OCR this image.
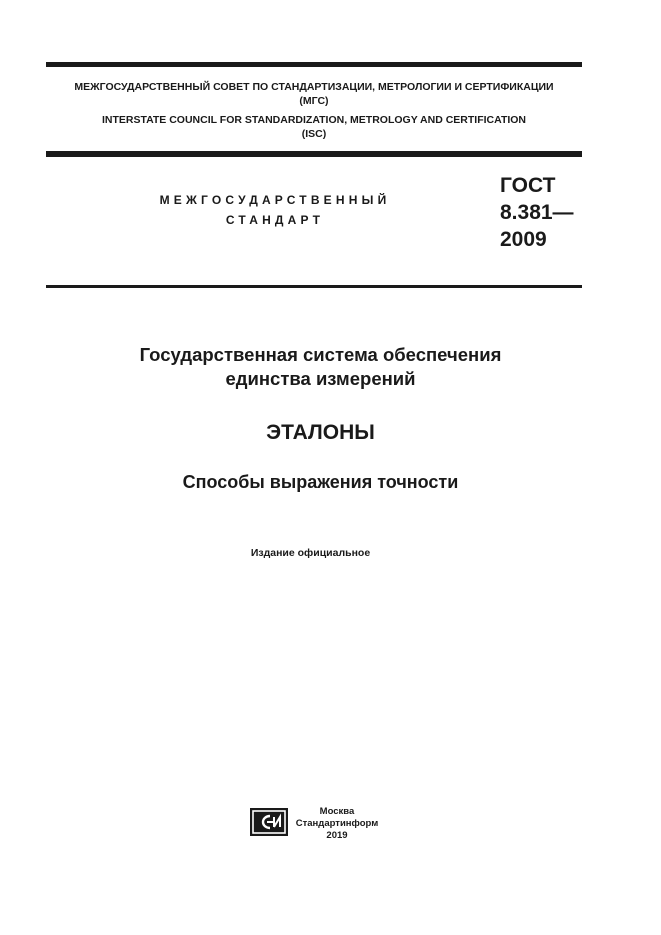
МЕЖГОСУДАРСТВЕННЫЙ СОВЕТ ПО СТАНДАРТИЗАЦИИ, МЕТРОЛОГИИ И СЕРТИФИКАЦИИ
(МГС)
INTERSTATE COUNCIL FOR STANDARDIZATION, METROLOGY AND CERTIFICATION
(ISC)
МЕЖГОСУДАРСТВЕННЫЙ
СТАНДАРТ
ГОСТ
8.381—
2009
Государственная система обеспечения
единства измерений
ЭТАЛОНЫ
Способы выражения точности
Издание официальное
Москва
Стандартинформ
2019
